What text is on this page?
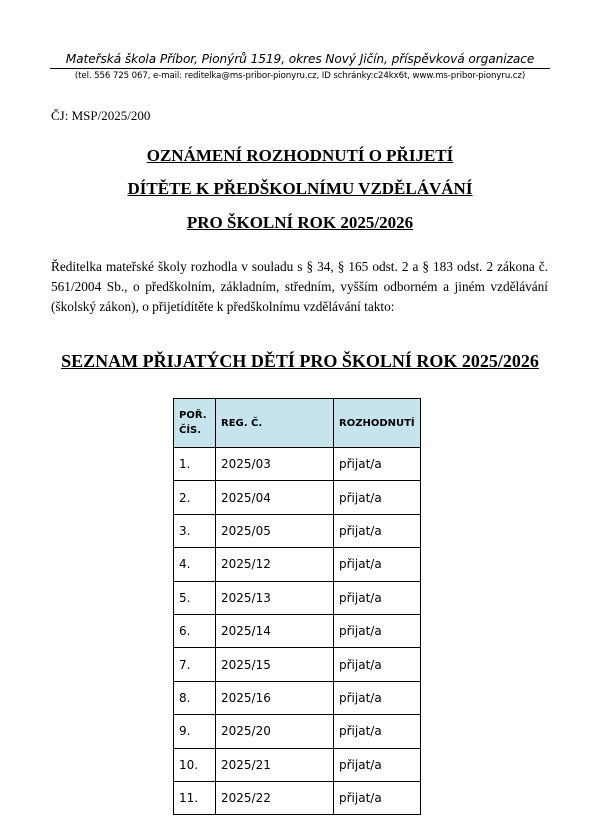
Mateřská škola Příbor, Pionýrů 1519, okres Nový Jičín, příspěvková organizace
(tel. 556 725 067, e-mail: reditelka@ms-pribor-pionyru.cz, ID schránky:c24kx6t, www.ms-pribor-pionyru.cz)
ČJ: MSP/2025/200
OZNÁMENÍ ROZHODNUTÍ O PŘIJETÍ
DÍTĚTE K PŘEDŠKOLNÍMU VZDĚLÁVÁNÍ
PRO ŠKOLNÍ ROK 2025/2026
Ředitelka mateřské školy rozhodla v souladu s § 34, § 165 odst. 2 a § 183 odst. 2 zákona č. 561/2004 Sb., o předškolním, základním, středním, vyšším odborném a jiném vzdělávání (školský zákon), o přijetídítěte k předškolnímu vzdělávání takto:
SEZNAM PŘIJATÝCH DĚTÍ PRO ŠKOLNÍ ROK 2025/2026
POŘ.
ČÍS.	REG. Č.	ROZHODNUTÍ
1.	2025/03	přijat/a
2.	2025/04	přijat/a
3.	2025/05	přijat/a
4.	2025/12	přijat/a
5.	2025/13	přijat/a
6.	2025/14	přijat/a
7.	2025/15	přijat/a
8.	2025/16	přijat/a
9.	2025/20	přijat/a
10.	2025/21	přijat/a
11.	2025/22	přijat/a
